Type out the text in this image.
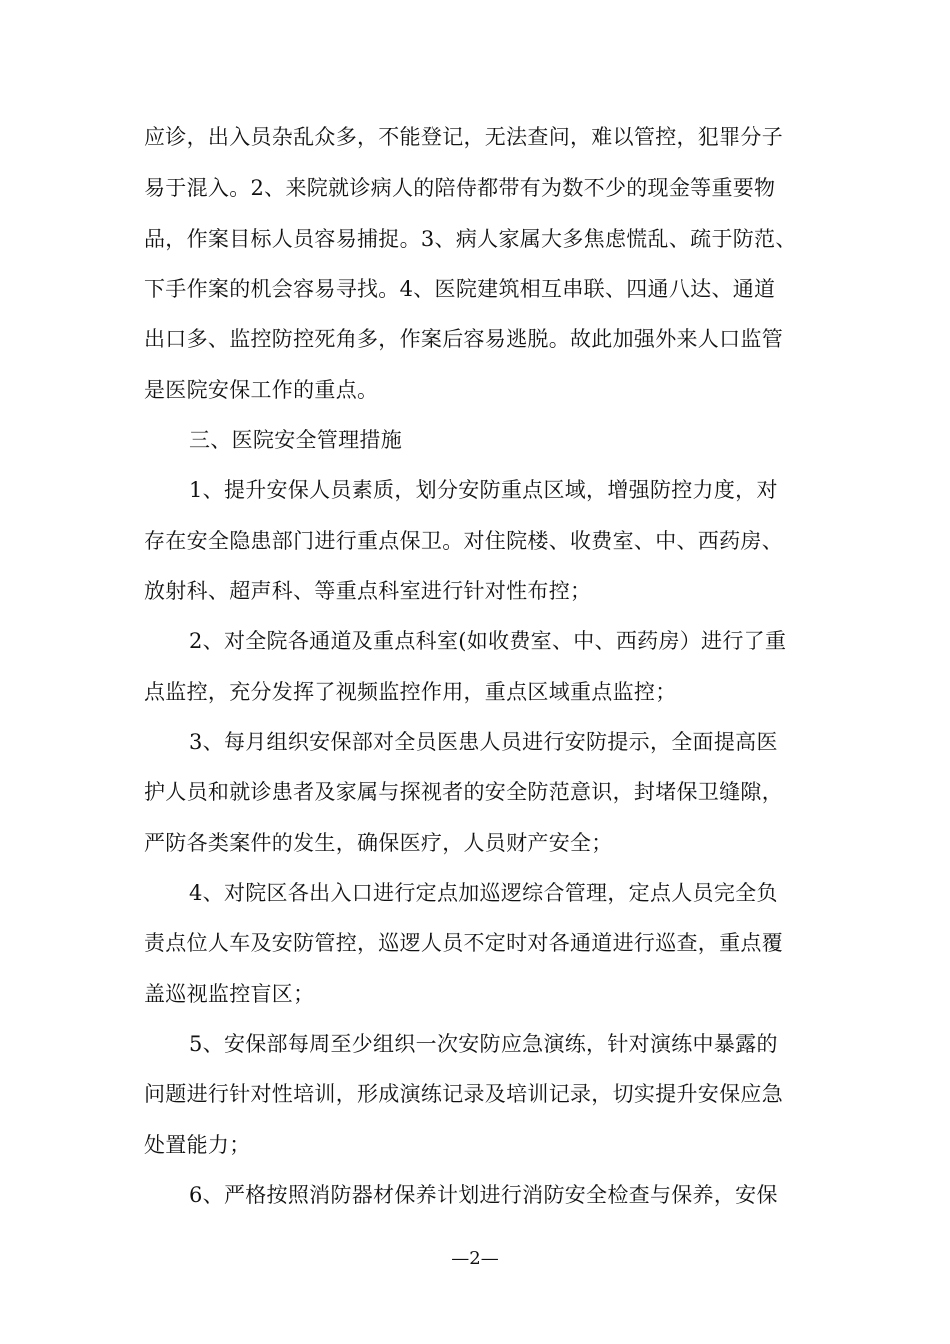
应诊，出入员杂乱众多，不能登记，无法查问，难以管控，犯罪分子
易于混入。2、来院就诊病人的陪侍都带有为数不少的现金等重要物
品，作案目标人员容易捕捉。3、病人家属大多焦虑慌乱、疏于防范、
下手作案的机会容易寻找。4、医院建筑相互串联、四通八达、通道
出口多、监控防控死角多，作案后容易逃脱。故此加强外来人口监管
是医院安保工作的重点。
三、医院安全管理措施
1、提升安保人员素质，划分安防重点区域，增强防控力度，对
存在安全隐患部门进行重点保卫。对住院楼、收费室、中、西药房、
放射科、超声科、等重点科室进行针对性布控；
2、对全院各通道及重点科室(如收费室、中、西药房）进行了重
点监控，充分发挥了视频监控作用，重点区域重点监控；
3、每月组织安保部对全员医患人员进行安防提示，全面提高医
护人员和就诊患者及家属与探视者的安全防范意识，封堵保卫缝隙，
严防各类案件的发生，确保医疗，人员财产安全；
4、对院区各出入口进行定点加巡逻综合管理，定点人员完全负
责点位人车及安防管控，巡逻人员不定时对各通道进行巡查，重点覆
盖巡视监控盲区；
5、安保部每周至少组织一次安防应急演练，针对演练中暴露的
问题进行针对性培训，形成演练记录及培训记录，切实提升安保应急
处置能力；
6、严格按照消防器材保养计划进行消防安全检查与保养，安保
—2—
